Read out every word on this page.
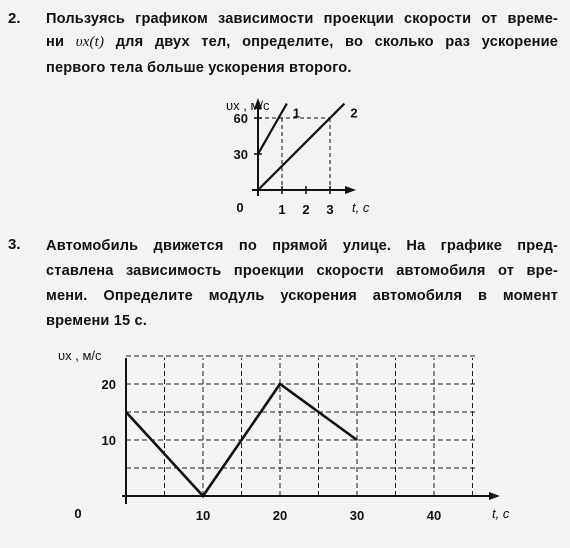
2. Пользуясь графиком зависимости проекции скорости от време-
ни υx(t) для двух тел, определите, во сколько раз ускорение
первого тела больше ускорения второго.
1 2 3
30
60
0
1	2
υx , м/с
t, с
3. Автомобиль движется по прямой улице. На графике пред-
ставлена зависимость проекции скорости автомобиля от вре-
мени. Определите модуль ускорения автомобиля в момент
времени 15 с.
10	20	30	40
10
20
0
υx , м/с
t, с
